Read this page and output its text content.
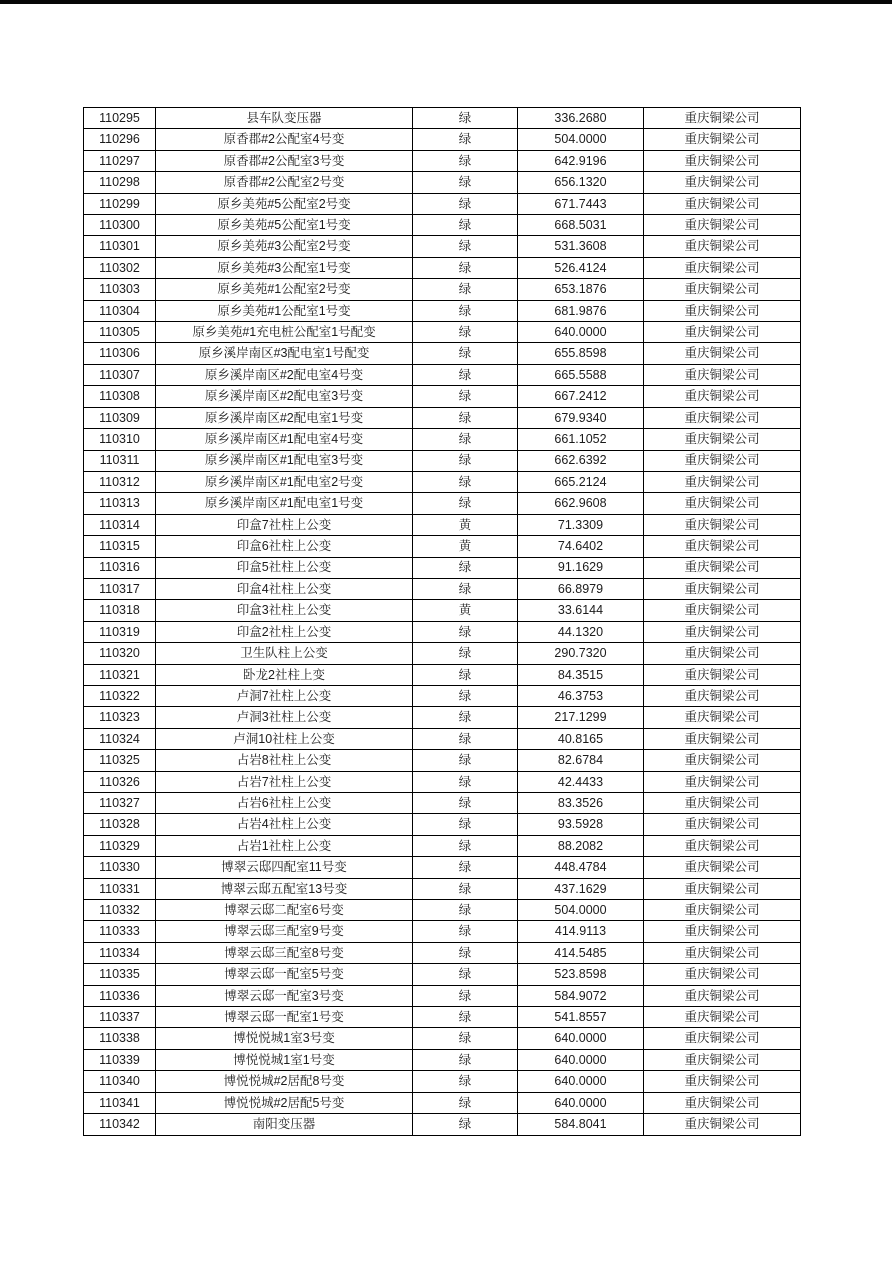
110295	县车队变压器	绿	336.2680	重庆铜梁公司
110296	原香郡#2公配室4号变	绿	504.0000	重庆铜梁公司
110297	原香郡#2公配室3号变	绿	642.9196	重庆铜梁公司
110298	原香郡#2公配室2号变	绿	656.1320	重庆铜梁公司
110299	原乡美苑#5公配室2号变	绿	671.7443	重庆铜梁公司
110300	原乡美苑#5公配室1号变	绿	668.5031	重庆铜梁公司
110301	原乡美苑#3公配室2号变	绿	531.3608	重庆铜梁公司
110302	原乡美苑#3公配室1号变	绿	526.4124	重庆铜梁公司
110303	原乡美苑#1公配室2号变	绿	653.1876	重庆铜梁公司
110304	原乡美苑#1公配室1号变	绿	681.9876	重庆铜梁公司
110305	原乡美苑#1充电桩公配室1号配变	绿	640.0000	重庆铜梁公司
110306	原乡溪岸南区#3配电室1号配变	绿	655.8598	重庆铜梁公司
110307	原乡溪岸南区#2配电室4号变	绿	665.5588	重庆铜梁公司
110308	原乡溪岸南区#2配电室3号变	绿	667.2412	重庆铜梁公司
110309	原乡溪岸南区#2配电室1号变	绿	679.9340	重庆铜梁公司
110310	原乡溪岸南区#1配电室4号变	绿	661.1052	重庆铜梁公司
110311	原乡溪岸南区#1配电室3号变	绿	662.6392	重庆铜梁公司
110312	原乡溪岸南区#1配电室2号变	绿	665.2124	重庆铜梁公司
110313	原乡溪岸南区#1配电室1号变	绿	662.9608	重庆铜梁公司
110314	印盒7社柱上公变	黄	71.3309	重庆铜梁公司
110315	印盒6社柱上公变	黄	74.6402	重庆铜梁公司
110316	印盒5社柱上公变	绿	91.1629	重庆铜梁公司
110317	印盒4社柱上公变	绿	66.8979	重庆铜梁公司
110318	印盒3社柱上公变	黄	33.6144	重庆铜梁公司
110319	印盒2社柱上公变	绿	44.1320	重庆铜梁公司
110320	卫生队柱上公变	绿	290.7320	重庆铜梁公司
110321	卧龙2社柱上变	绿	84.3515	重庆铜梁公司
110322	卢洞7社柱上公变	绿	46.3753	重庆铜梁公司
110323	卢洞3社柱上公变	绿	217.1299	重庆铜梁公司
110324	卢洞10社柱上公变	绿	40.8165	重庆铜梁公司
110325	占岩8社柱上公变	绿	82.6784	重庆铜梁公司
110326	占岩7社柱上公变	绿	42.4433	重庆铜梁公司
110327	占岩6社柱上公变	绿	83.3526	重庆铜梁公司
110328	占岩4社柱上公变	绿	93.5928	重庆铜梁公司
110329	占岩1社柱上公变	绿	88.2082	重庆铜梁公司
110330	博翠云邸四配室11号变	绿	448.4784	重庆铜梁公司
110331	博翠云邸五配室13号变	绿	437.1629	重庆铜梁公司
110332	博翠云邸二配室6号变	绿	504.0000	重庆铜梁公司
110333	博翠云邸三配室9号变	绿	414.9113	重庆铜梁公司
110334	博翠云邸三配室8号变	绿	414.5485	重庆铜梁公司
110335	博翠云邸一配室5号变	绿	523.8598	重庆铜梁公司
110336	博翠云邸一配室3号变	绿	584.9072	重庆铜梁公司
110337	博翠云邸一配室1号变	绿	541.8557	重庆铜梁公司
110338	博悦悦城1室3号变	绿	640.0000	重庆铜梁公司
110339	博悦悦城1室1号变	绿	640.0000	重庆铜梁公司
110340	博悦悦城#2居配8号变	绿	640.0000	重庆铜梁公司
110341	博悦悦城#2居配5号变	绿	640.0000	重庆铜梁公司
110342	南阳变压器	绿	584.8041	重庆铜梁公司
